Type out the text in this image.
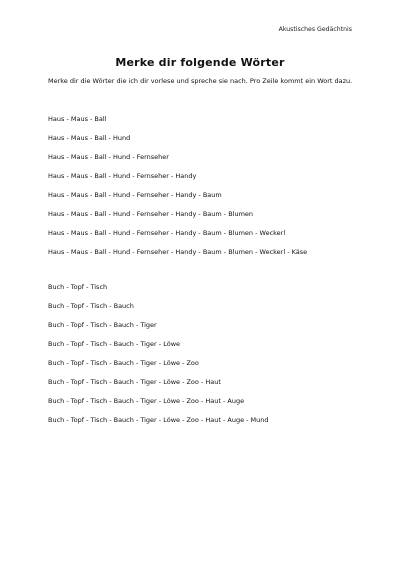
Akustisches Gedächtnis
Merke dir folgende Wörter
Merke dir die Wörter die ich dir vorlese und spreche sie nach. Pro Zeile kommt ein Wort dazu.
Haus - Maus - Ball
Haus - Maus - Ball - Hund
Haus - Maus - Ball - Hund - Fernseher
Haus - Maus - Ball - Hund - Fernseher - Handy
Haus - Maus - Ball - Hund - Fernseher - Handy - Baum
Haus - Maus - Ball - Hund - Fernseher - Handy - Baum - Blumen
Haus - Maus - Ball - Hund - Fernseher - Handy - Baum - Blumen - Weckerl
Haus - Maus - Ball - Hund - Fernseher - Handy - Baum - Blumen - Weckerl - Käse
Buch - Topf - Tisch
Buch - Topf - Tisch - Bauch
Buch - Topf - Tisch - Bauch - Tiger
Buch - Topf - Tisch - Bauch - Tiger - Löwe
Buch - Topf - Tisch - Bauch - Tiger - Löwe - Zoo
Buch - Topf - Tisch - Bauch - Tiger - Löwe - Zoo - Haut
Buch - Topf - Tisch - Bauch - Tiger - Löwe - Zoo - Haut - Auge
Buch - Topf - Tisch - Bauch - Tiger - Löwe - Zoo - Haut - Auge - Mund
